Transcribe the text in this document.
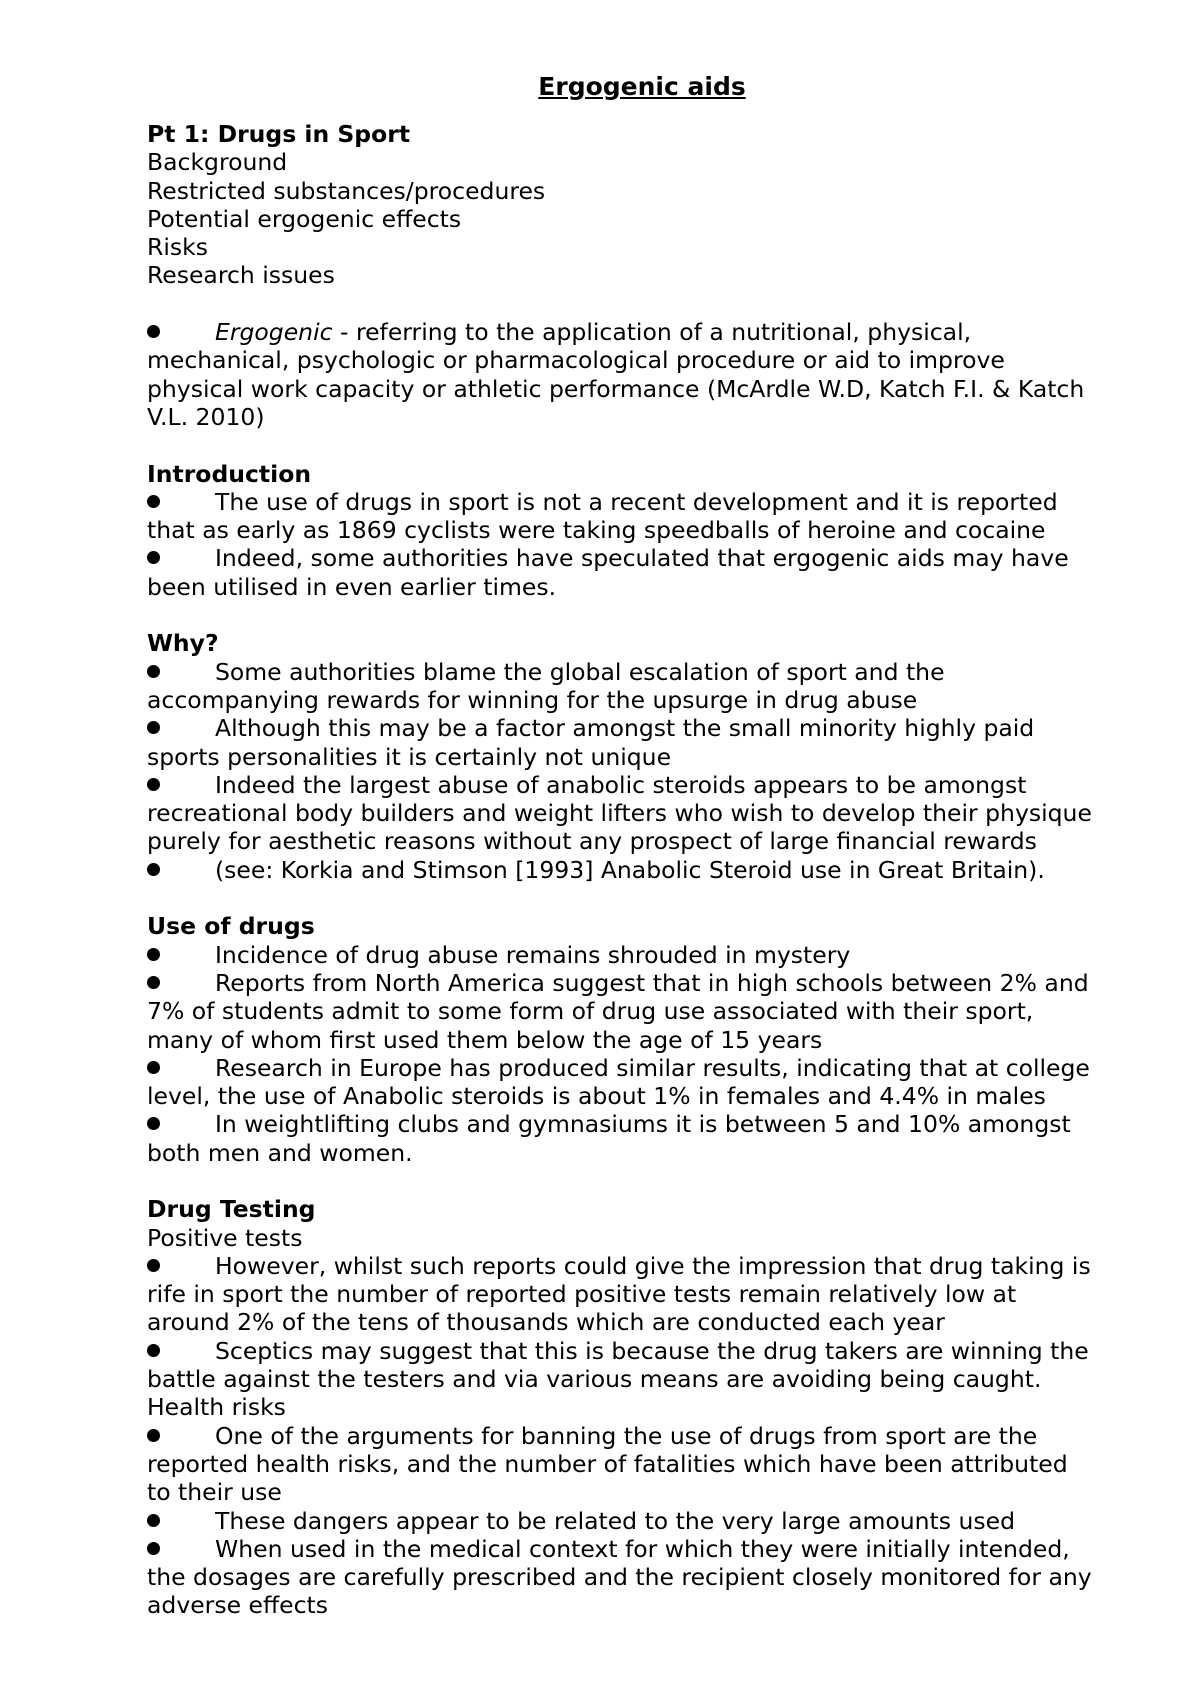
Ergogenic aids
Pt 1: Drugs in Sport
Background
Restricted substances/procedures
Potential ergogenic effects
Risks
Research issues
Ergogenic - referring to the application of a nutritional, physical,
mechanical, psychologic or pharmacological procedure or aid to improve
physical work capacity or athletic performance (McArdle W.D, Katch F.I. & Katch
V.L. 2010)
Introduction
The use of drugs in sport is not a recent development and it is reported
that as early as 1869 cyclists were taking speedballs of heroine and cocaine
Indeed, some authorities have speculated that ergogenic aids may have
been utilised in even earlier times.
Why?
Some authorities blame the global escalation of sport and the
accompanying rewards for winning for the upsurge in drug abuse
Although this may be a factor amongst the small minority highly paid
sports personalities it is certainly not unique
Indeed the largest abuse of anabolic steroids appears to be amongst
recreational body builders and weight lifters who wish to develop their physique
purely for aesthetic reasons without any prospect of large financial rewards
(see: Korkia and Stimson [1993] Anabolic Steroid use in Great Britain).
Use of drugs
Incidence of drug abuse remains shrouded in mystery
Reports from North America suggest that in high schools between 2% and
7% of students admit to some form of drug use associated with their sport,
many of whom first used them below the age of 15 years
Research in Europe has produced similar results, indicating that at college
level, the use of Anabolic steroids is about 1% in females and 4.4% in males
In weightlifting clubs and gymnasiums it is between 5 and 10% amongst
both men and women.
Drug Testing
Positive tests
However, whilst such reports could give the impression that drug taking is
rife in sport the number of reported positive tests remain relatively low at
around 2% of the tens of thousands which are conducted each year
Sceptics may suggest that this is because the drug takers are winning the
battle against the testers and via various means are avoiding being caught.
Health risks
One of the arguments for banning the use of drugs from sport are the
reported health risks, and the number of fatalities which have been attributed
to their use
These dangers appear to be related to the very large amounts used
When used in the medical context for which they were initially intended,
the dosages are carefully prescribed and the recipient closely monitored for any
adverse effects
